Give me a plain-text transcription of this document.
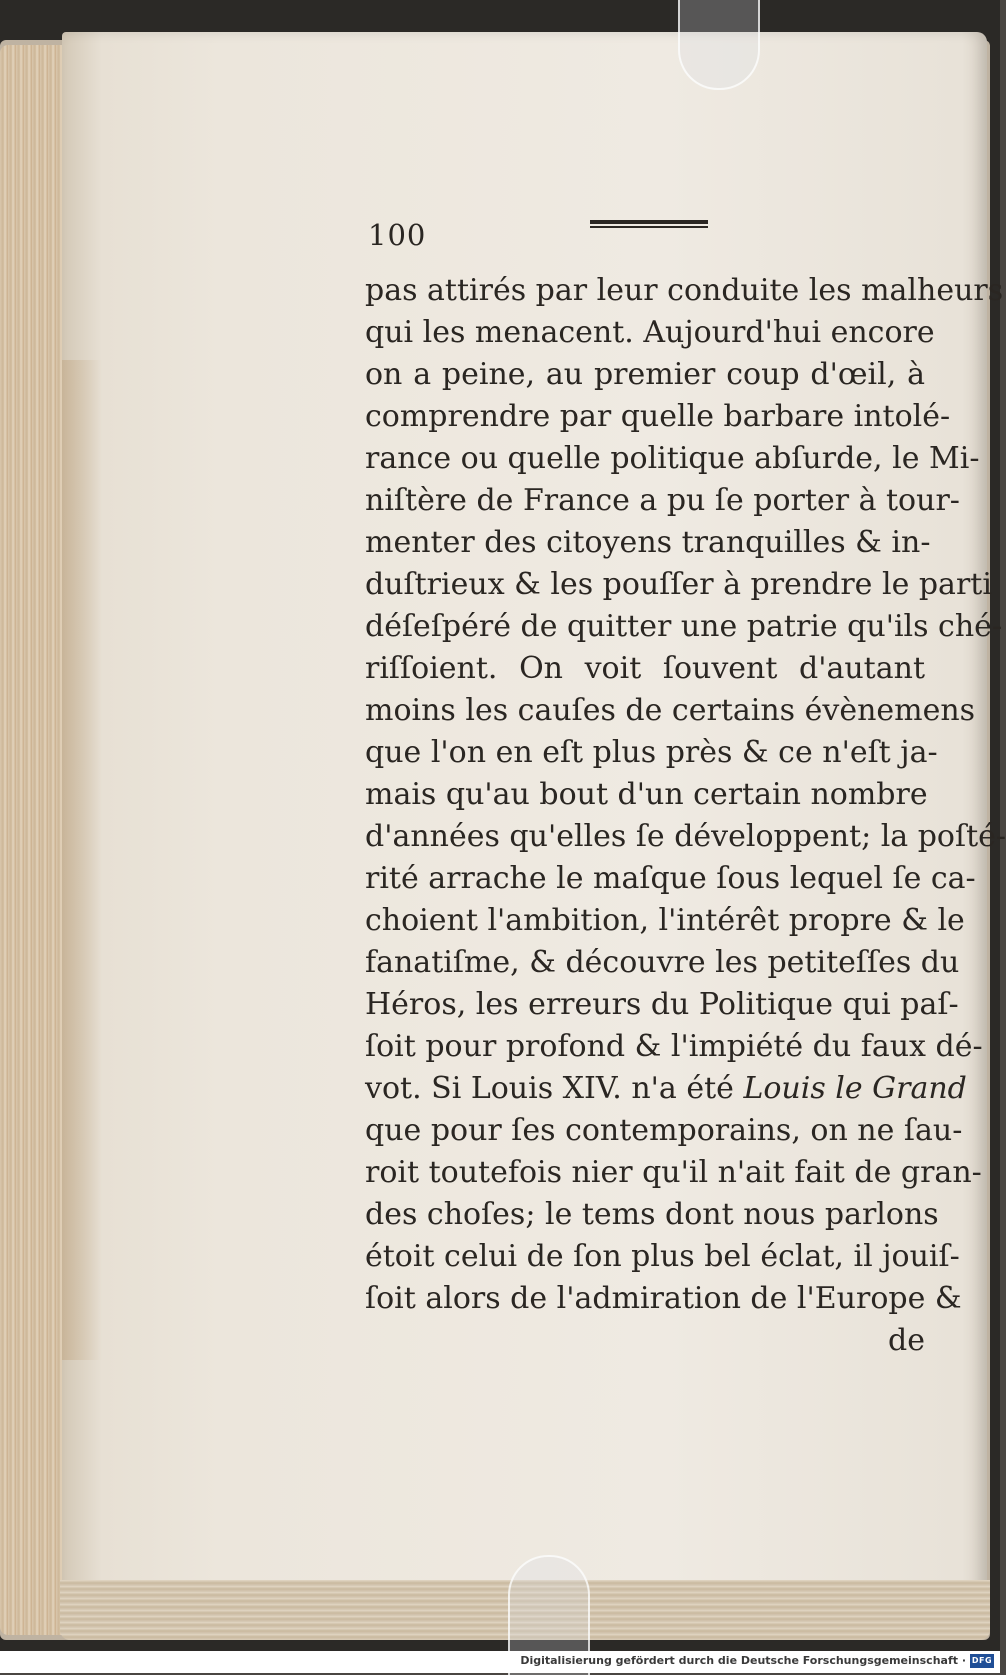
100
pas attirés par leur conduite les malheurs
qui les menacent. Aujourd'hui encore
on a peine, au premier coup d'œil, à
comprendre par quelle barbare intolé-
rance ou quelle politique abſurde, le Mi-
niſtère de France a pu ſe porter à tour-
menter des citoyens tranquilles & in-
duſtrieux & les pouſſer à prendre le parti
déſeſpéré de quitter une patrie qu'ils ché-
riſſoient. On voit ſouvent d'autant
moins les cauſes de certains évènemens
que l'on en eſt plus près & ce n'eſt ja-
mais qu'au bout d'un certain nombre
d'années qu'elles ſe développent; la poſté-
rité arrache le maſque ſous lequel ſe ca-
choient l'ambition, l'intérêt propre & le
fanatiſme, & découvre les petiteſſes du
Héros, les erreurs du Politique qui paſ-
ſoit pour profond & l'impiété du faux dé-
vot. Si Louis XIV. n'a été Louis le Grand
que pour ſes contemporains, on ne ſau-
roit toutefois nier qu'il n'ait fait de gran-
des choſes; le tems dont nous parlons
étoit celui de ſon plus bel éclat, il jouiſ-
ſoit alors de l'admiration de l'Europe &
de
Digitalisierung gefördert durch die Deutsche Forschungsgemeinschaft · DFG
